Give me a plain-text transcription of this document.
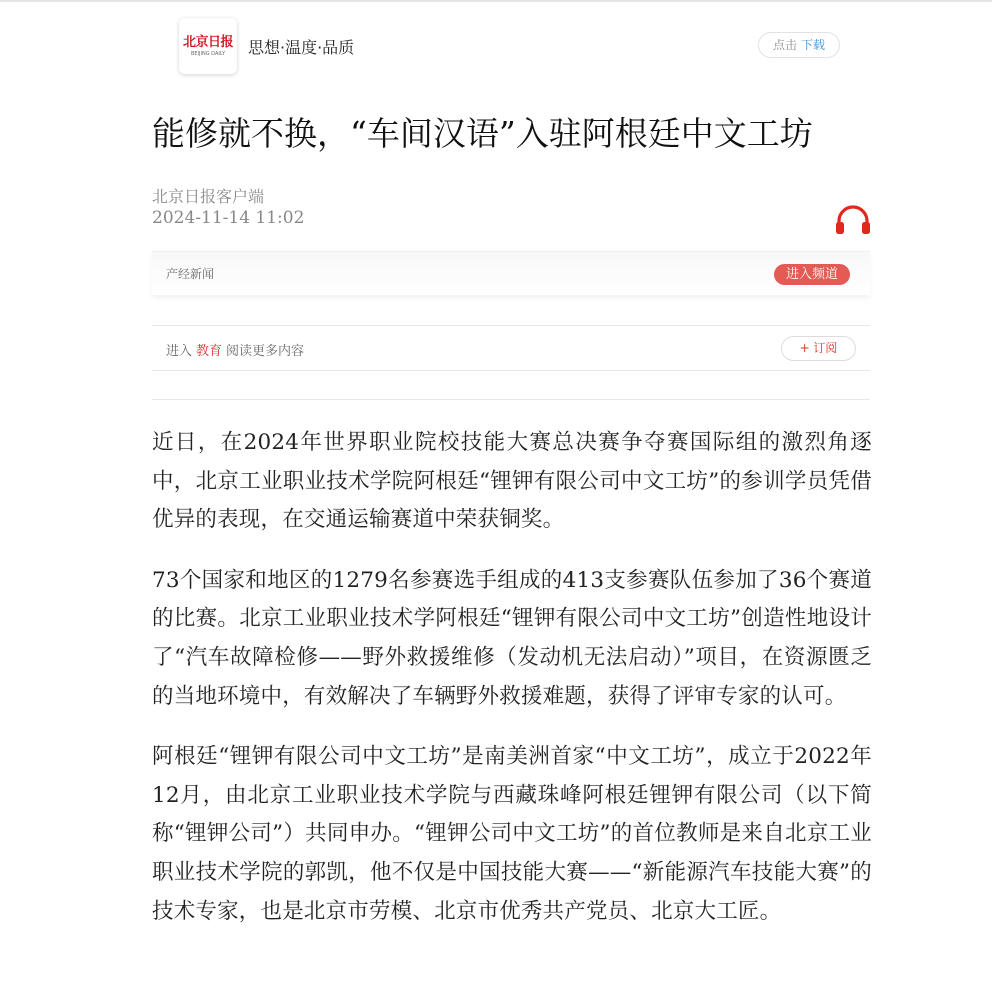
北京日报
BEIJING DAILY 思想·温度·品质	点击 下载
能修就不换，“车间汉语”入驻阿根廷中文工坊
北京日报客户端
2024-11-14 11:02
产经新闻	进入频道
进入 教育 阅读更多内容	+ 订阅

近日，在2024年世界职业院校技能大赛总决赛争夺赛国际组的激烈角逐中，北京工业职业技术学院阿根廷“锂钾有限公司中文工坊”的参训学员凭借优异的表现，在交通运输赛道中荣获铜奖。

73个国家和地区的1279名参赛选手组成的413支参赛队伍参加了36个赛道的比赛。北京工业职业技术学阿根廷“锂钾有限公司中文工坊”创造性地设计了“汽车故障检修——野外救援维修（发动机无法启动）”项目，在资源匮乏的当地环境中，有效解决了车辆野外救援难题，获得了评审专家的认可。

阿根廷“锂钾有限公司中文工坊”是南美洲首家“中文工坊”，成立于2022年12月，由北京工业职业技术学院与西藏珠峰阿根廷锂钾有限公司（以下简称“锂钾公司”）共同申办。“锂钾公司中文工坊”的首位教师是来自北京工业职业技术学院的郭凯，他不仅是中国技能大赛——“新能源汽车技能大赛”的技术专家，也是北京市劳模、北京市优秀共产党员、北京大工匠。
